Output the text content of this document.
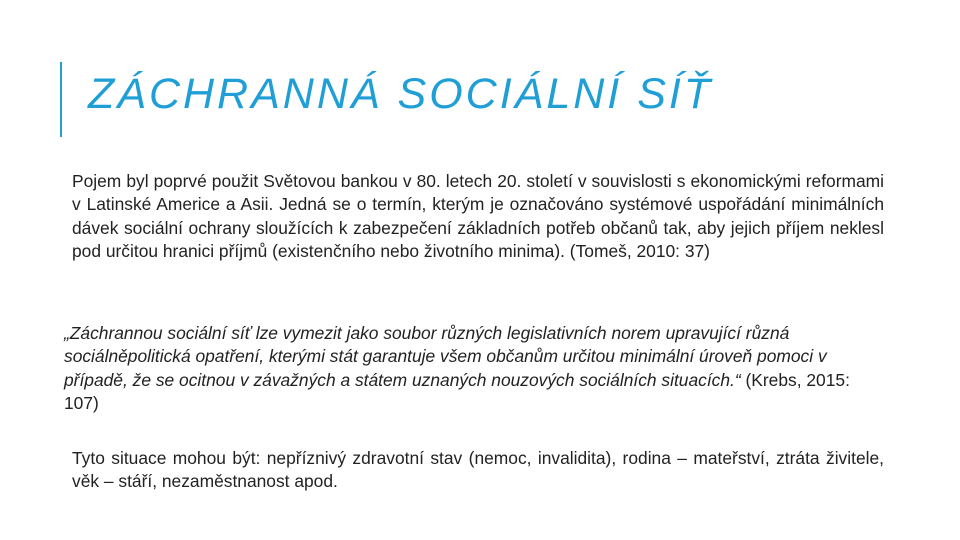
ZÁCHRANNÁ SOCIÁLNÍ SÍŤ
Pojem byl poprvé použit Světovou bankou v 80. letech 20. století v souvislosti s ekonomickými reformami v Latinské Americe a Asii. Jedná se o termín, kterým je označováno systémové uspořádání minimálních dávek sociální ochrany sloužících k zabezpečení základních potřeb občanů tak, aby jejich příjem neklesl pod určitou hranici příjmů (existenčního nebo životního minima). (Tomeš, 2010: 37)
„Záchrannou sociální síť lze vymezit jako soubor různých legislativních norem upravující různá sociálněpolitická opatření, kterými stát garantuje všem občanům určitou minimální úroveň pomoci v případě, že se ocitnou v závažných a státem uznaných nouzových sociálních situacích.“ (Krebs, 2015: 107)
Tyto situace mohou být: nepříznivý zdravotní stav (nemoc, invalidita), rodina – mateřství, ztráta živitele, věk – stáří, nezaměstnanost apod.
